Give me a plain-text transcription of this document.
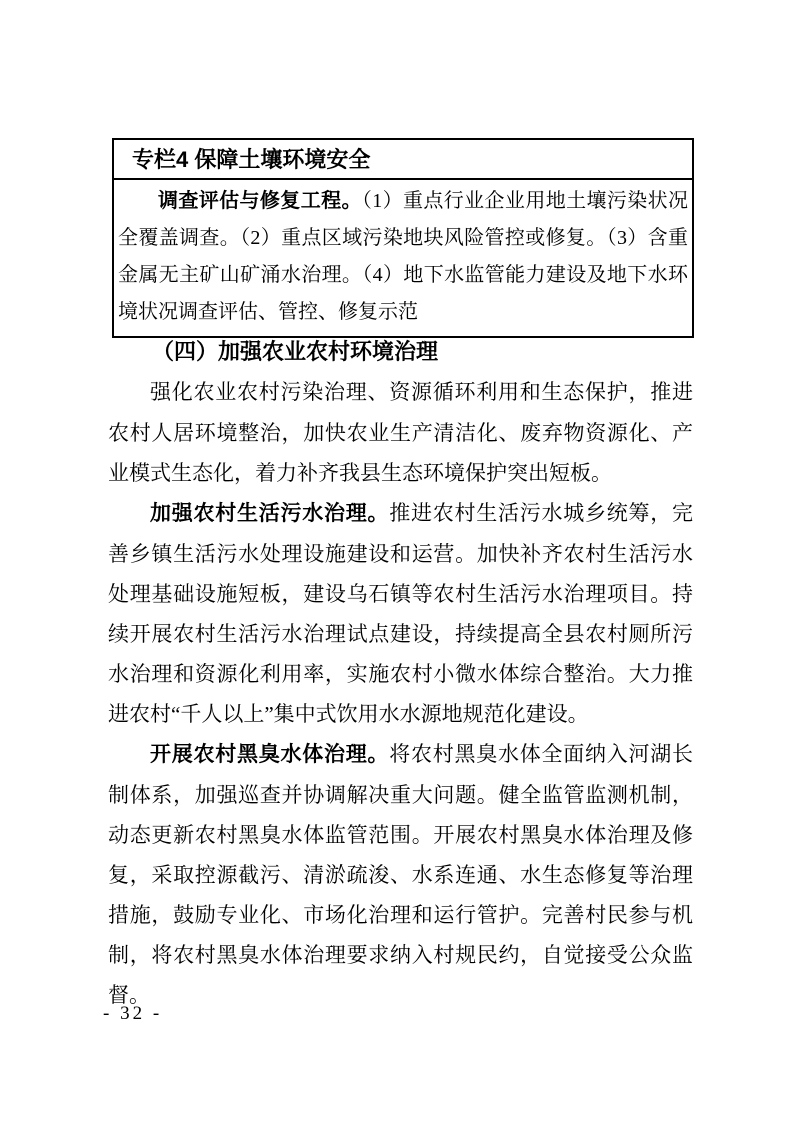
专栏4 保障土壤环境安全
调查评估与修复工程。（1）重点行业企业用地土壤污染状况全覆盖调查。（2）重点区域污染地块风险管控或修复。（3）含重金属无主矿山矿涌水治理。（4）地下水监管能力建设及地下水环境状况调查评估、管控、修复示范
（四）加强农业农村环境治理

强化农业农村污染治理、资源循环利用和生态保护，推进农村人居环境整治，加快农业生产清洁化、废弃物资源化、产业模式生态化，着力补齐我县生态环境保护突出短板。

加强农村生活污水治理。推进农村生活污水城乡统筹，完善乡镇生活污水处理设施建设和运营。加快补齐农村生活污水处理基础设施短板，建设乌石镇等农村生活污水治理项目。持续开展农村生活污水治理试点建设，持续提高全县农村厕所污水治理和资源化利用率，实施农村小微水体综合整治。大力推进农村“千人以上”集中式饮用水水源地规范化建设。

开展农村黑臭水体治理。将农村黑臭水体全面纳入河湖长制体系，加强巡查并协调解决重大问题。健全监管监测机制，动态更新农村黑臭水体监管范围。开展农村黑臭水体治理及修复，采取控源截污、清淤疏浚、水系连通、水生态修复等治理措施，鼓励专业化、市场化治理和运行管护。完善村民参与机制，将农村黑臭水体治理要求纳入村规民约，自觉接受公众监督。

- 32 -
